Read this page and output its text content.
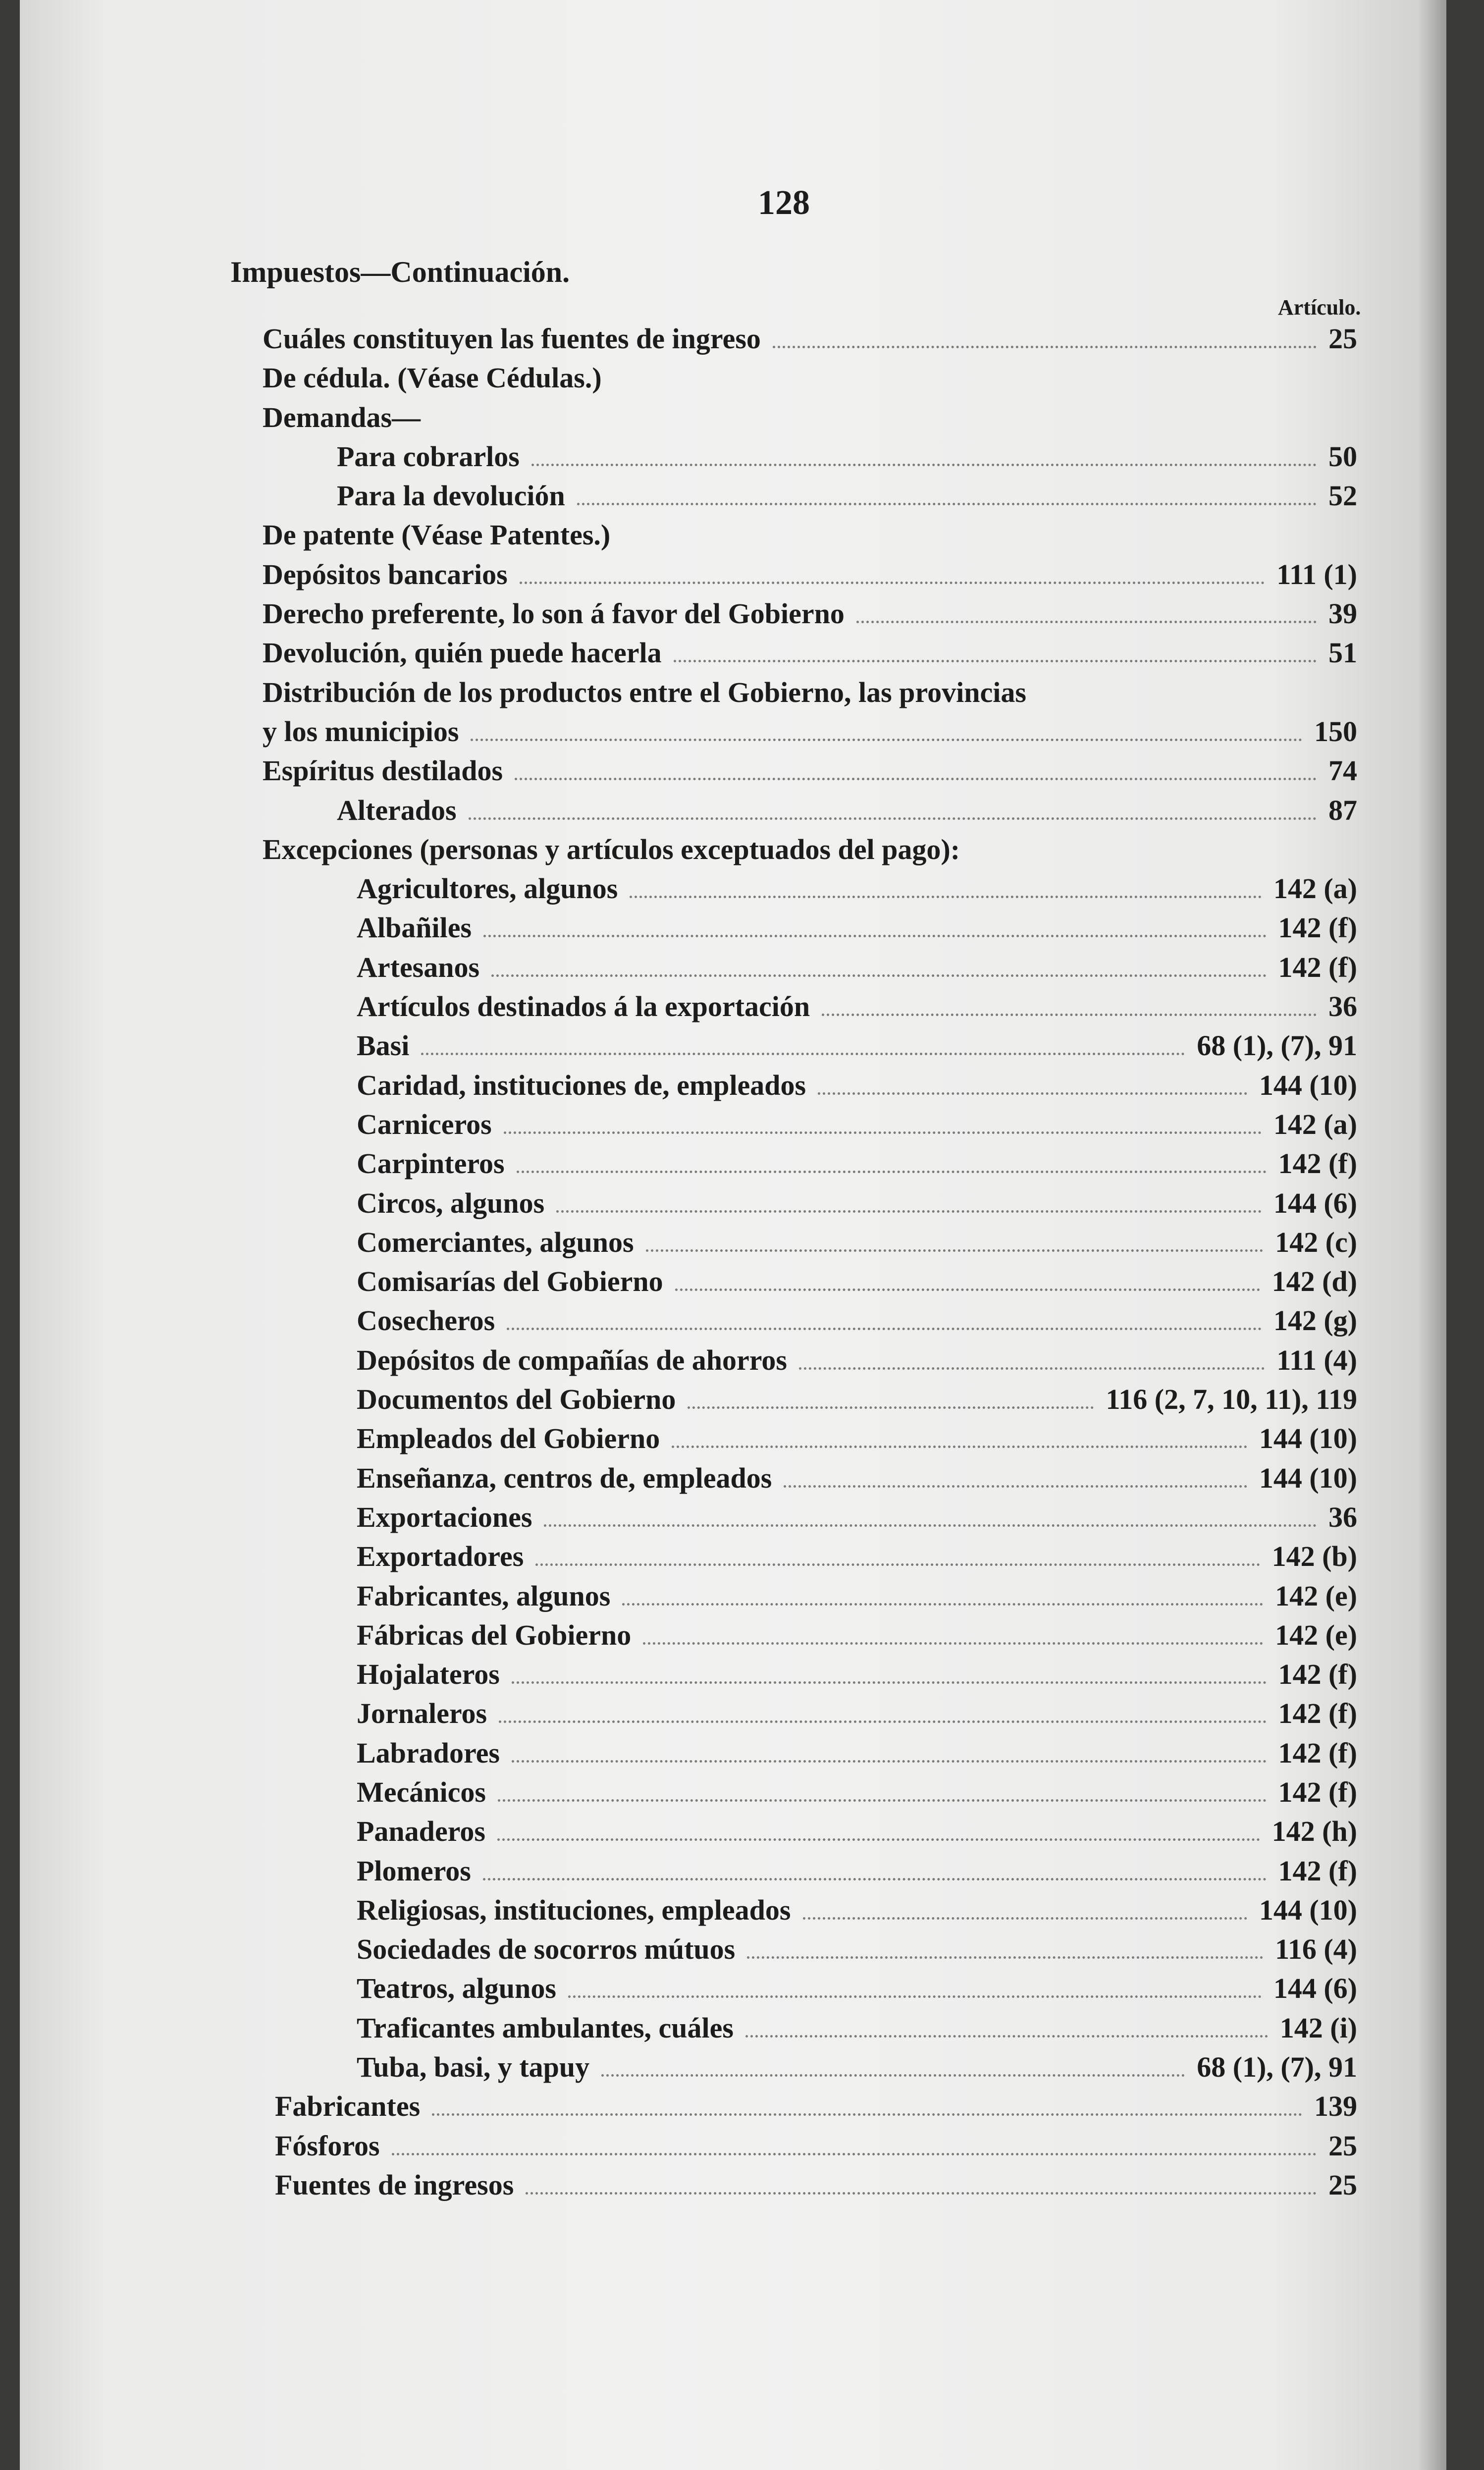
128
Impuestos—Continuación.
Artículo.
Cuáles constituyen las fuentes de ingreso	25
De cédula. (Véase Cédulas.)
Demandas—
Para cobrarlos	50
Para la devolución	52
De patente (Véase Patentes.)
Depósitos bancarios	111 (1)
Derecho preferente, lo son á favor del Gobierno	39
Devolución, quién puede hacerla	51
Distribución de los productos entre el Gobierno, las provincias
y los municipios	150
Espíritus destilados	74
Alterados	87
Excepciones (personas y artículos exceptuados del pago):
Agricultores, algunos	142 (a)
Albañiles	142 (f)
Artesanos	142 (f)
Artículos destinados á la exportación	36
Basi	68 (1), (7), 91
Caridad, instituciones de, empleados	144 (10)
Carniceros	142 (a)
Carpinteros	142 (f)
Circos, algunos	144 (6)
Comerciantes, algunos	142 (c)
Comisarías del Gobierno	142 (d)
Cosecheros	142 (g)
Depósitos de compañías de ahorros	111 (4)
Documentos del Gobierno	116 (2, 7, 10, 11), 119
Empleados del Gobierno	144 (10)
Enseñanza, centros de, empleados	144 (10)
Exportaciones	36
Exportadores	142 (b)
Fabricantes, algunos	142 (e)
Fábricas del Gobierno	142 (e)
Hojalateros	142 (f)
Jornaleros	142 (f)
Labradores	142 (f)
Mecánicos	142 (f)
Panaderos	142 (h)
Plomeros	142 (f)
Religiosas, instituciones, empleados	144 (10)
Sociedades de socorros mútuos	116 (4)
Teatros, algunos	144 (6)
Traficantes ambulantes, cuáles	142 (i)
Tuba, basi, y tapuy	68 (1), (7), 91
Fabricantes	139
Fósforos	25
Fuentes de ingresos	25
